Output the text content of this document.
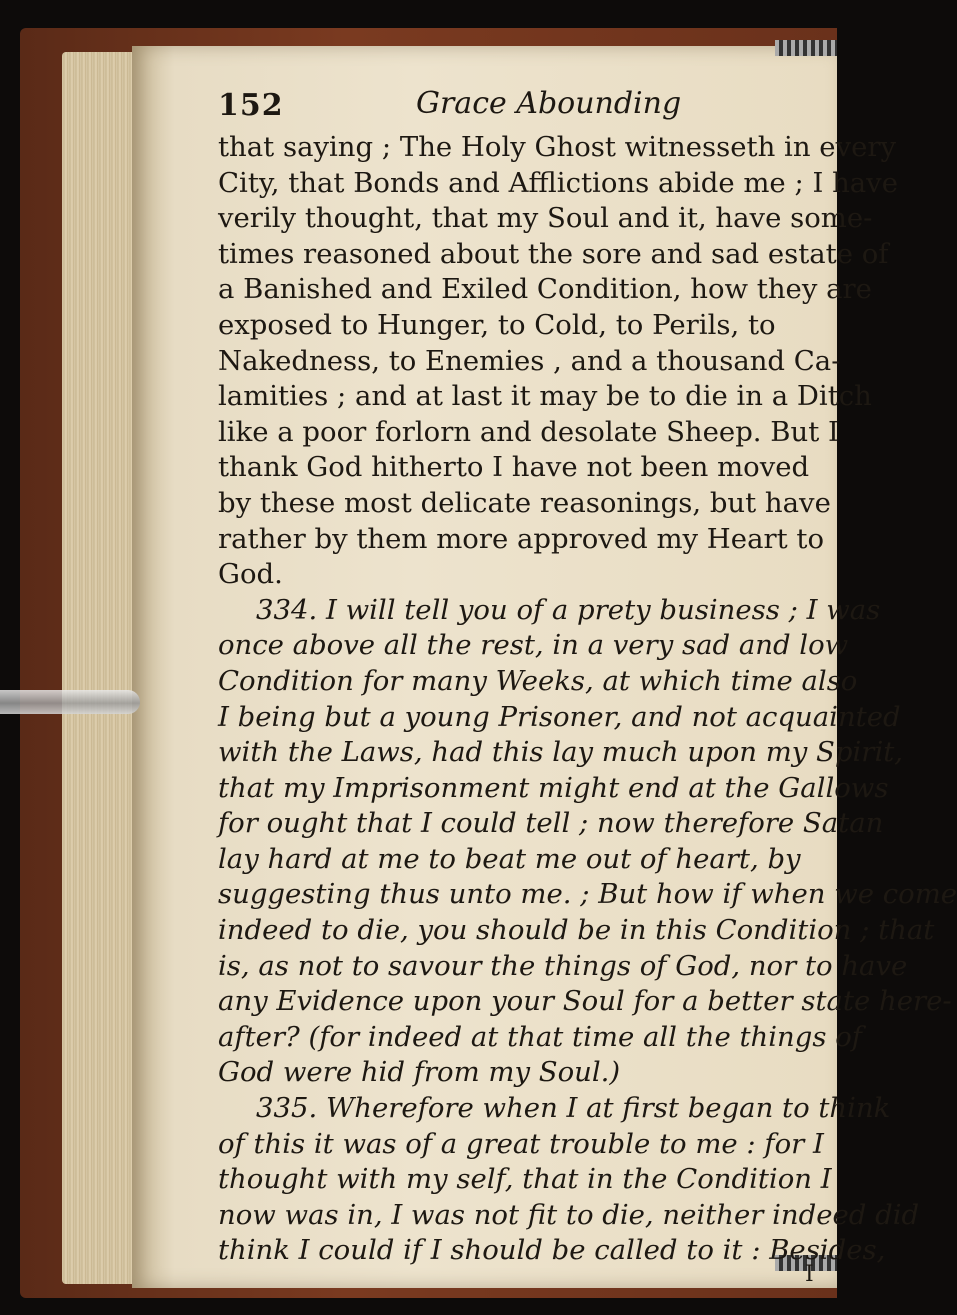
152	Grace Abounding
that saying ; The Holy Ghost witnesseth in every
City, that Bonds and Afflictions abide me ; I have
verily thought, that my Soul and it, have some-
times reasoned about the sore and sad estate of
a Banished and Exiled Condition, how they are
exposed to Hunger, to Cold, to Perils, to
Nakedness, to Enemies , and a thousand Ca-
lamities ; and at last it may be to die in a Ditch
like a poor forlorn and desolate Sheep. But I
thank God hitherto I have not been moved
by these most delicate reasonings, but have
rather by them more approved my Heart to
God.
334. I will tell you of a prety business ; I was
once above all the rest, in a very sad and low
Condition for many Weeks, at which time also
I being but a young Prisoner, and not acquainted
with the Laws, had this lay much upon my Spirit,
that my Imprisonment might end at the Gallows
for ought that I could tell ; now therefore Satan
lay hard at me to beat me out of heart, by
suggesting thus unto me. ; But how if when we come
indeed to die, you should be in this Condition ; that
is, as not to savour the things of God, nor to have
any Evidence upon your Soul for a better state here-
after? (for indeed at that time all the things of
God were hid from my Soul.)
335. Wherefore when I at first began to think
of this it was of a great trouble to me : for I
thought with my self, that in the Condition I
now was in, I was not fit to die, neither indeed did
think I could if I should be called to it : Besides,
I
